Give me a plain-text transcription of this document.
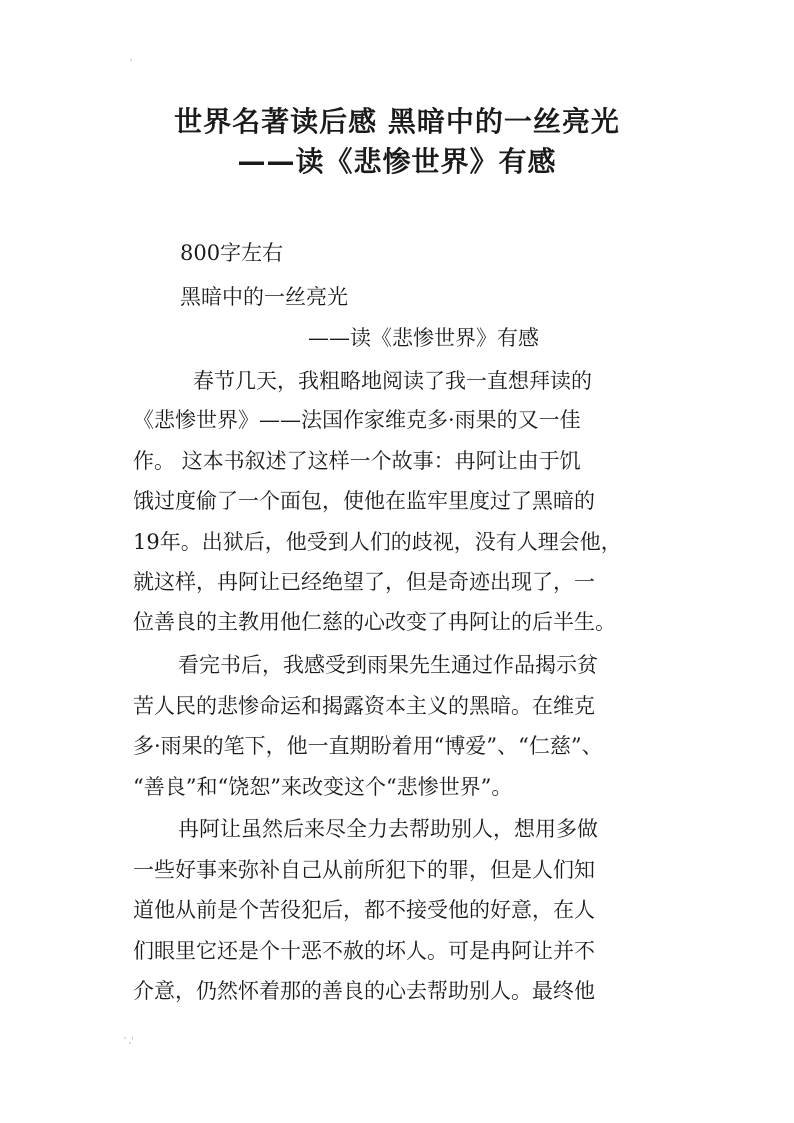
'
世界名著读后感 黑暗中的一丝亮光
——读《悲惨世界》有感
800字左右
黑暗中的一丝亮光
——读《悲惨世界》有感
春节几天，我粗略地阅读了我一直想拜读的
《悲惨世界》——法国作家维克多·雨果的又一佳
作。 这本书叙述了这样一个故事：冉阿让由于饥
饿过度偷了一个面包，使他在监牢里度过了黑暗的
19年。出狱后，他受到人们的歧视，没有人理会他，
就这样，冉阿让已经绝望了，但是奇迹出现了，一
位善良的主教用他仁慈的心改变了冉阿让的后半生。
看完书后，我感受到雨果先生通过作品揭示贫
苦人民的悲惨命运和揭露资本主义的黑暗。在维克
多·雨果的笔下，他一直期盼着用“博爱”、“仁慈”、
“善良”和“饶恕”来改变这个“悲惨世界”。
冉阿让虽然后来尽全力去帮助别人，想用多做
一些好事来弥补自己从前所犯下的罪，但是人们知
道他从前是个苦役犯后，都不接受他的好意，在人
们眼里它还是个十恶不赦的坏人。可是冉阿让并不
介意，仍然怀着那的善良的心去帮助别人。最终他
' ,'
